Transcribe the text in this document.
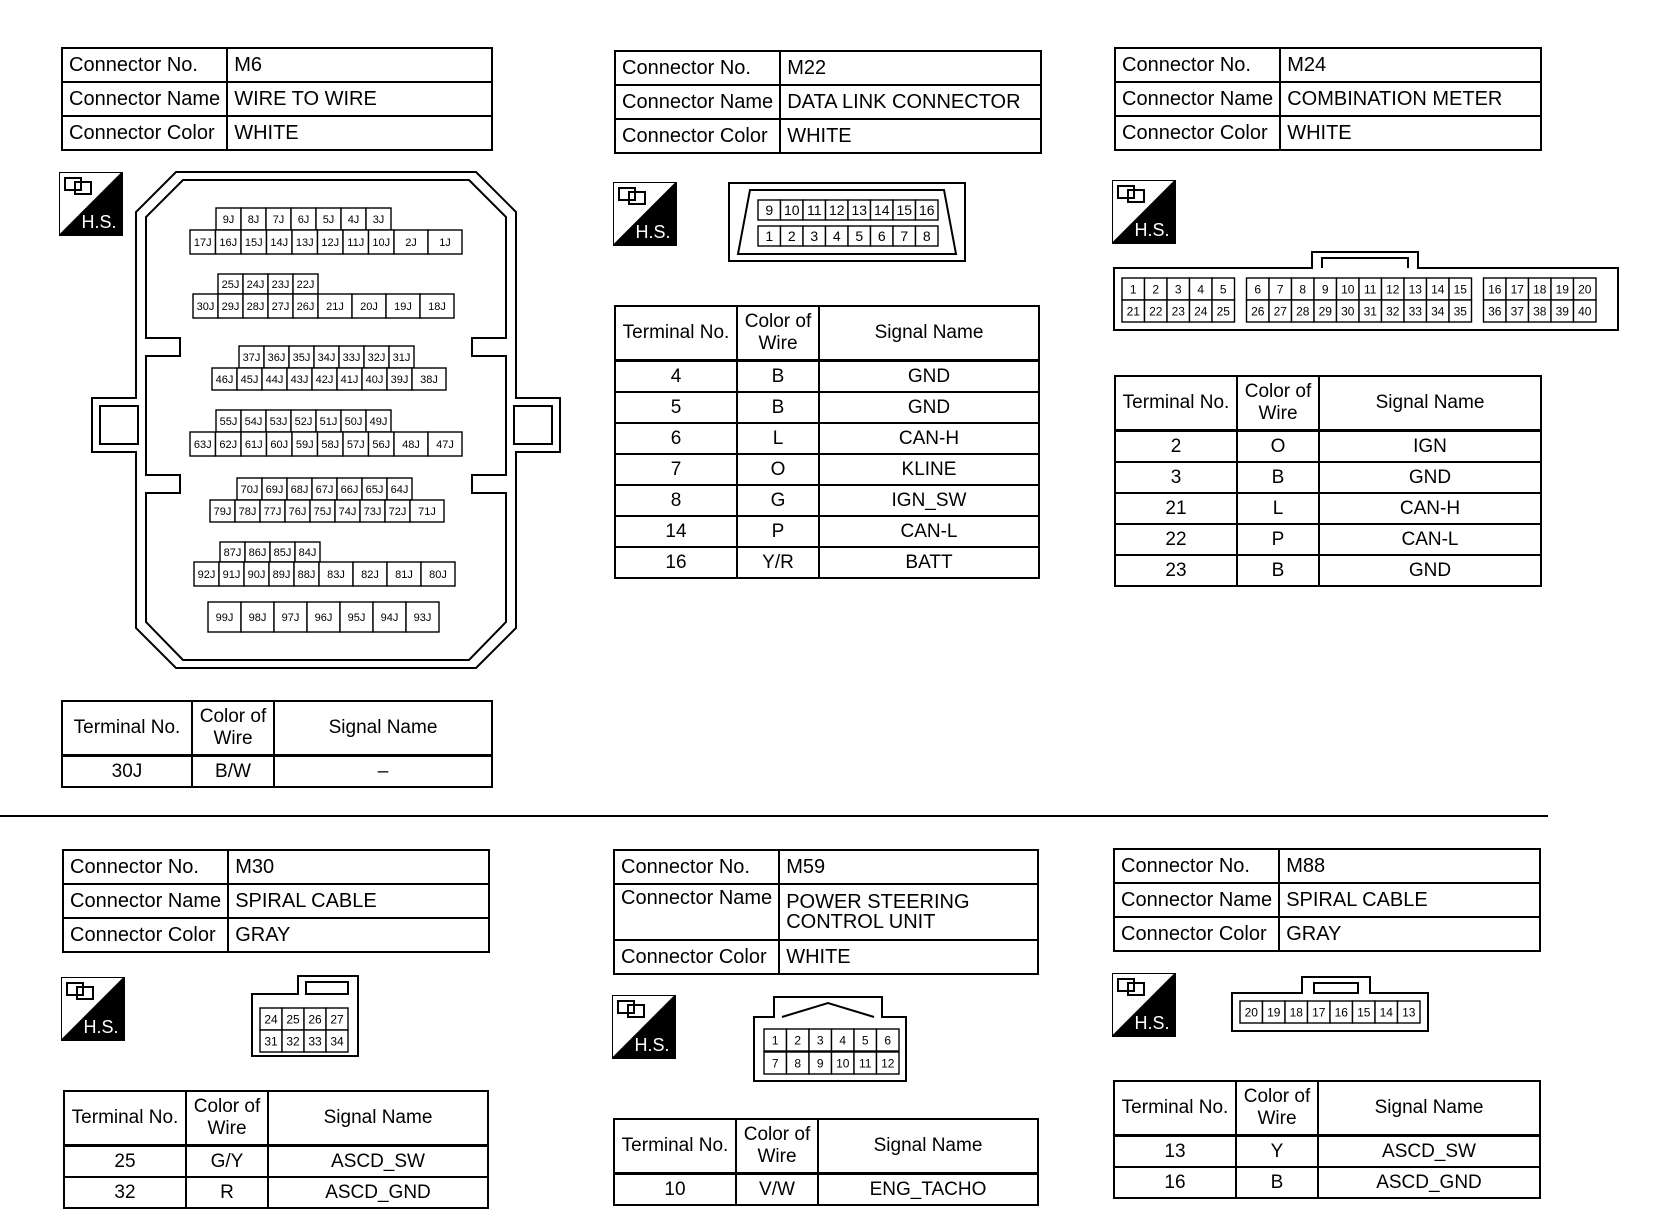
Connector No.	M6
Connector Name	WIRE TO WIRE
Connector Color	WHITE
H.S.	9J 8J 7J 6J 5J 4J 3J
17J 16J 15J 14J 13J 12J 11J 10J 2J 1J
25J 24J 23J 22J
30J 29J 28J 27J 26J 21J 20J 19J 18J
37J 36J 35J 34J 33J 32J 31J
46J 45J 44J 43J 42J 41J 40J 39J 38J
55J 54J 53J 52J 51J 50J 49J
63J 62J 61J 60J 59J 58J 57J 56J 48J 47J
70J 69J 68J 67J 66J 65J 64J
79J 78J 77J 76J 75J 74J 73J 72J 71J
87J 86J 85J 84J
92J 91J 90J 89J 88J 83J 82J 81J 80J
99J 98J 97J 96J 95J 94J 93J
Terminal No.	Color of Wire	Signal Name
30J	B/W	–
Connector No.	M22
Connector Name	DATA LINK CONNECTOR
Connector Color	WHITE
H.S.
9 10 11 12 13 14 15 16
1 2 3 4 5 6 7 8
Terminal No.	Color of Wire	Signal Name
4	B	GND
5	B	GND
6	L	CAN-H
7	O	KLINE
8	G	IGN_SW
14	P	CAN-L
16	Y/R	BATT
Connector No.	M24
Connector Name	COMBINATION METER
Connector Color	WHITE
H.S.
1 2 3 4 5 6 7 8 9 10 11 12 13 14 15 16 17 18 19 20
21 22 23 24 25 26 27 28 29 30 31 32 33 34 35 36 37 38 39 40
Terminal No.	Color of Wire	Signal Name
2	O	IGN
3	B	GND
21	L	CAN-H
22	P	CAN-L
23	B	GND
Connector No.	M30
Connector Name	SPIRAL CABLE
Connector Color	GRAY
H.S.	24 25 26 27
31 32 33 34
Terminal No.	Color of Wire	Signal Name
25	G/Y	ASCD_SW
32	R	ASCD_GND
Connector No.	M59
Connector Name	POWER STEERING CONTROL UNIT
Connector Color	WHITE
H.S.	1 2 3 4 5 6
7 8 9 10 11 12
Terminal No.	Color of Wire	Signal Name
10	V/W	ENG_TACHO
Connector No.	M88
Connector Name	SPIRAL CABLE
Connector Color	GRAY
H.S.
20 19 18 17 16 15 14 13
Terminal No.	Color of Wire	Signal Name
13	Y	ASCD_SW
16	B	ASCD_GND
